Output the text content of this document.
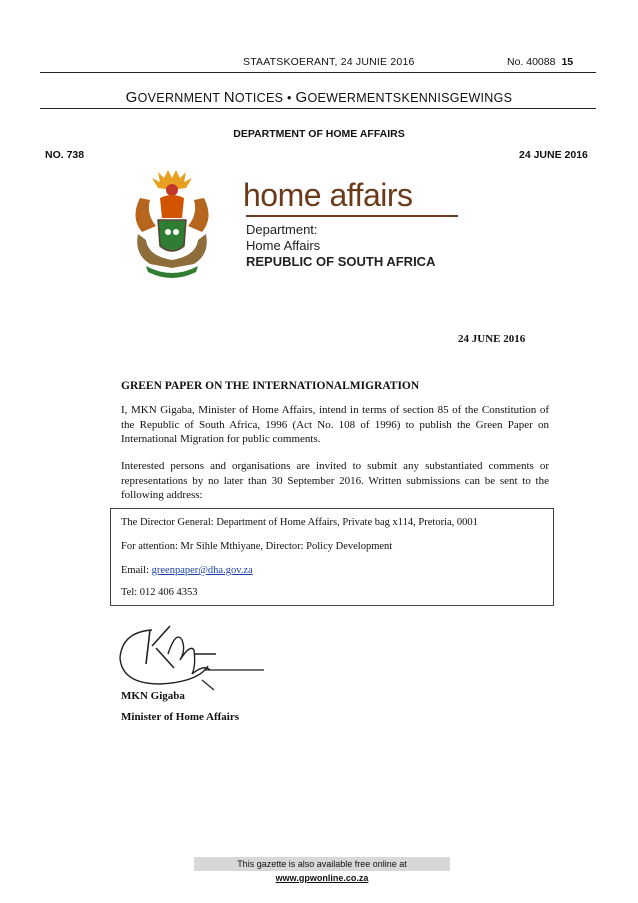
STAATSKOERANT, 24 JUNIE 2016	No. 40088 15
GOVERNMENT NOTICES • GOEWERMENTSKENNISGEWINGS
DEPARTMENT OF HOME AFFAIRS
NO. 738	24 JUNE 2016
home affairs
Department:
Home Affairs
REPUBLIC OF SOUTH AFRICA
24 JUNE 2016
GREEN PAPER ON THE INTERNATIONALMIGRATION
I, MKN Gigaba, Minister of Home Affairs, intend in terms of section 85 of the Constitution of the Republic of South Africa, 1996 (Act No. 108 of 1996) to publish the Green Paper on International Migration for public comments.
Interested persons and organisations are invited to submit any substantiated comments or representations by no later than 30 September 2016. Written submissions can be sent to the following address:
The Director General: Department of Home Affairs, Private bag x114, Pretoria, 0001
For attention: Mr Sihle Mthiyane, Director: Policy Development
Email: greenpaper@dha.gov.za
Tel: 012 406 4353
MKN Gigaba
Minister of Home Affairs
This gazette is also available free online at www.gpwonline.co.za
